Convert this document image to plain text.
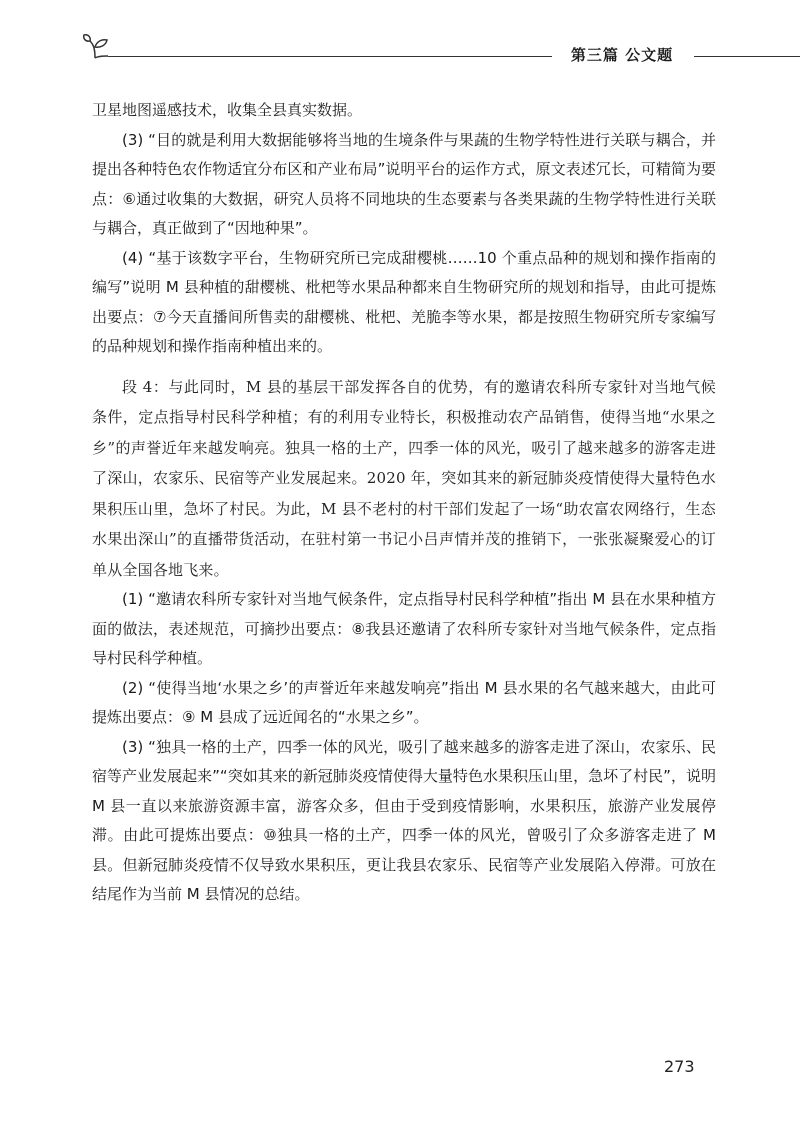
第三篇 公文题

卫星地图遥感技术，收集全县真实数据。

(3) “目的就是利用大数据能够将当地的生境条件与果蔬的生物学特性进行关联与耦合，并提出各种特色农作物适宜分布区和产业布局”说明平台的运作方式，原文表述冗长，可精简为要点：⑥通过收集的大数据，研究人员将不同地块的生态要素与各类果蔬的生物学特性进行关联与耦合，真正做到了“因地种果”。

(4) “基于该数字平台，生物研究所已完成甜樱桃……10 个重点品种的规划和操作指南的编写”说明 M 县种植的甜樱桃、枇杷等水果品种都来自生物研究所的规划和指导，由此可提炼出要点：⑦今天直播间所售卖的甜樱桃、枇杷、羌脆李等水果，都是按照生物研究所专家编写的品种规划和操作指南种植出来的。

段 4：与此同时，M 县的基层干部发挥各自的优势，有的邀请农科所专家针对当地气候条件，定点指导村民科学种植；有的利用专业特长，积极推动农产品销售，使得当地“水果之乡”的声誉近年来越发响亮。独具一格的土产，四季一体的风光，吸引了越来越多的游客走进了深山，农家乐、民宿等产业发展起来。2020 年，突如其来的新冠肺炎疫情使得大量特色水果积压山里，急坏了村民。为此，M 县不老村的村干部们发起了一场“助农富农网络行，生态水果出深山”的直播带货活动，在驻村第一书记小吕声情并茂的推销下，一张张凝聚爱心的订单从全国各地飞来。

(1) “邀请农科所专家针对当地气候条件，定点指导村民科学种植”指出 M 县在水果种植方面的做法，表述规范，可摘抄出要点：⑧我县还邀请了农科所专家针对当地气候条件，定点指导村民科学种植。

(2) “使得当地‘水果之乡’的声誉近年来越发响亮”指出 M 县水果的名气越来越大，由此可提炼出要点：⑨ M 县成了远近闻名的“水果之乡”。

(3) “独具一格的土产，四季一体的风光，吸引了越来越多的游客走进了深山，农家乐、民宿等产业发展起来”“突如其来的新冠肺炎疫情使得大量特色水果积压山里，急坏了村民”，说明 M 县一直以来旅游资源丰富，游客众多，但由于受到疫情影响，水果积压，旅游产业发展停滞。由此可提炼出要点：⑩独具一格的土产，四季一体的风光，曾吸引了众多游客走进了 M 县。但新冠肺炎疫情不仅导致水果积压，更让我县农家乐、民宿等产业发展陷入停滞。可放在结尾作为当前 M 县情况的总结。

273
